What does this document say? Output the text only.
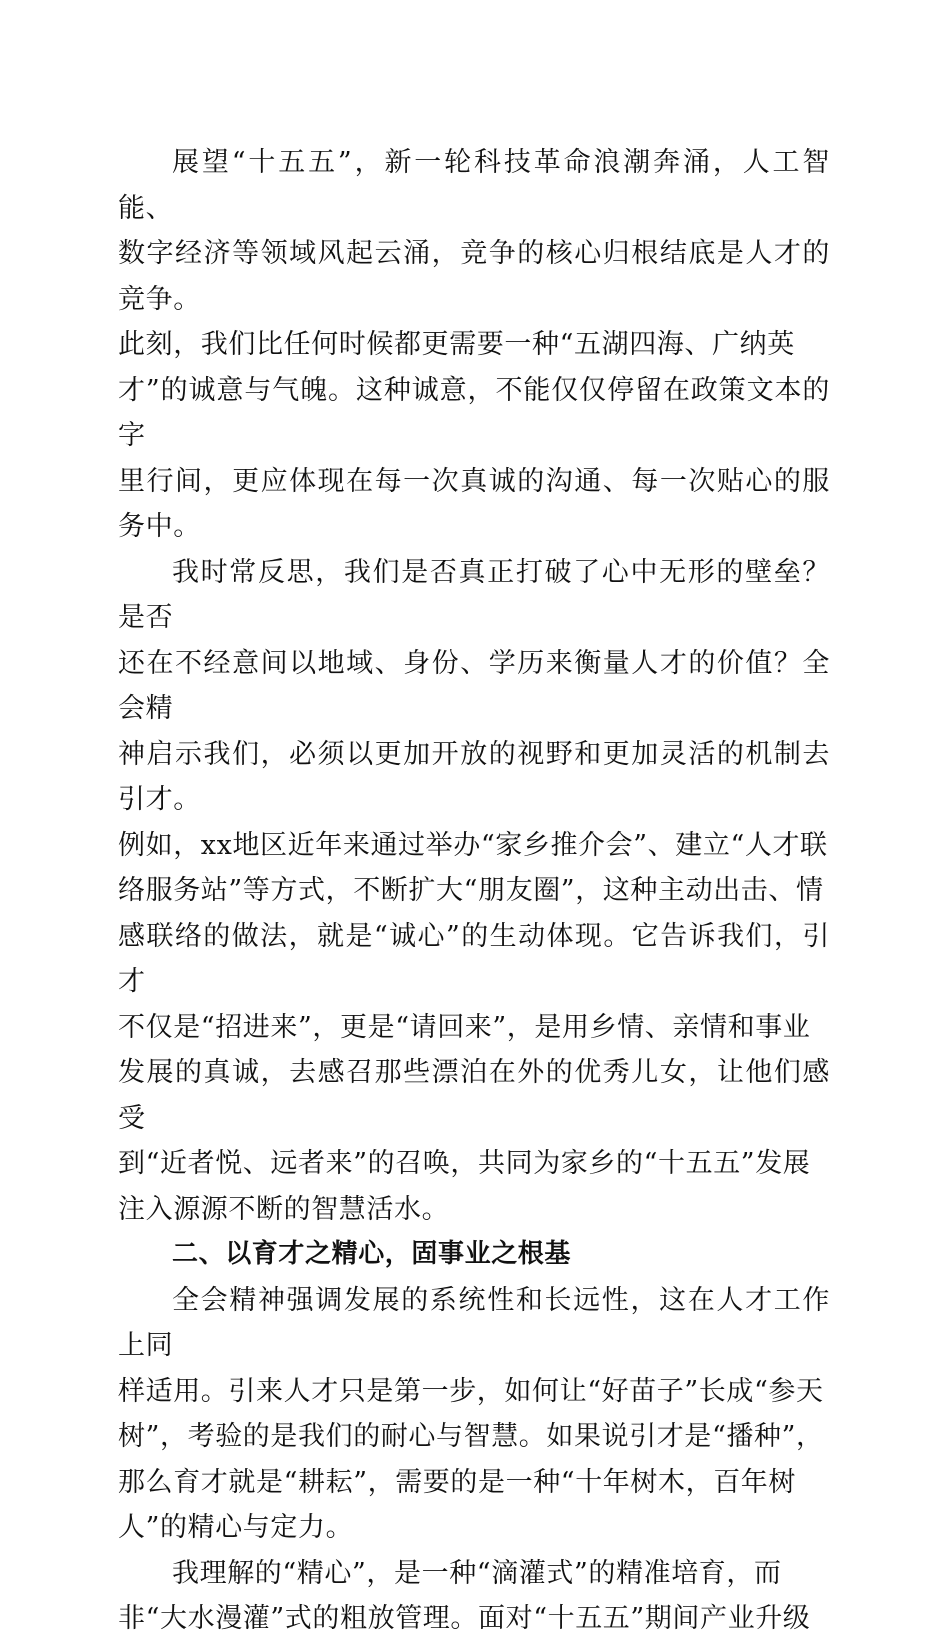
展望“十五五”，新一轮科技革命浪潮奔涌，人工智能、
数字经济等领域风起云涌，竞争的核心归根结底是人才的竞争。
此刻，我们比任何时候都更需要一种“五湖四海、广纳英
才”的诚意与气魄。这种诚意，不能仅仅停留在政策文本的字
里行间，更应体现在每一次真诚的沟通、每一次贴心的服务中。

我时常反思，我们是否真正打破了心中无形的壁垒？是否
还在不经意间以地域、身份、学历来衡量人才的价值？全会精
神启示我们，必须以更加开放的视野和更加灵活的机制去引才。
例如，xx地区近年来通过举办“家乡推介会”、建立“人才联
络服务站”等方式，不断扩大“朋友圈”，这种主动出击、情
感联络的做法，就是“诚心”的生动体现。它告诉我们，引才
不仅是“招进来”，更是“请回来”，是用乡情、亲情和事业
发展的真诚，去感召那些漂泊在外的优秀儿女，让他们感受
到“近者悦、远者来”的召唤，共同为家乡的“十五五”发展
注入源源不断的智慧活水。

二、以育才之精心，固事业之根基

全会精神强调发展的系统性和长远性，这在人才工作上同
样适用。引来人才只是第一步，如何让“好苗子”长成“参天
树”，考验的是我们的耐心与智慧。如果说引才是“播种”，
那么育才就是“耕耘”，需要的是一种“十年树木，百年树
人”的精心与定力。

我理解的“精心”，是一种“滴灌式”的精准培育，而
非“大水漫灌”式的粗放管理。面对“十五五”期间产业升级
